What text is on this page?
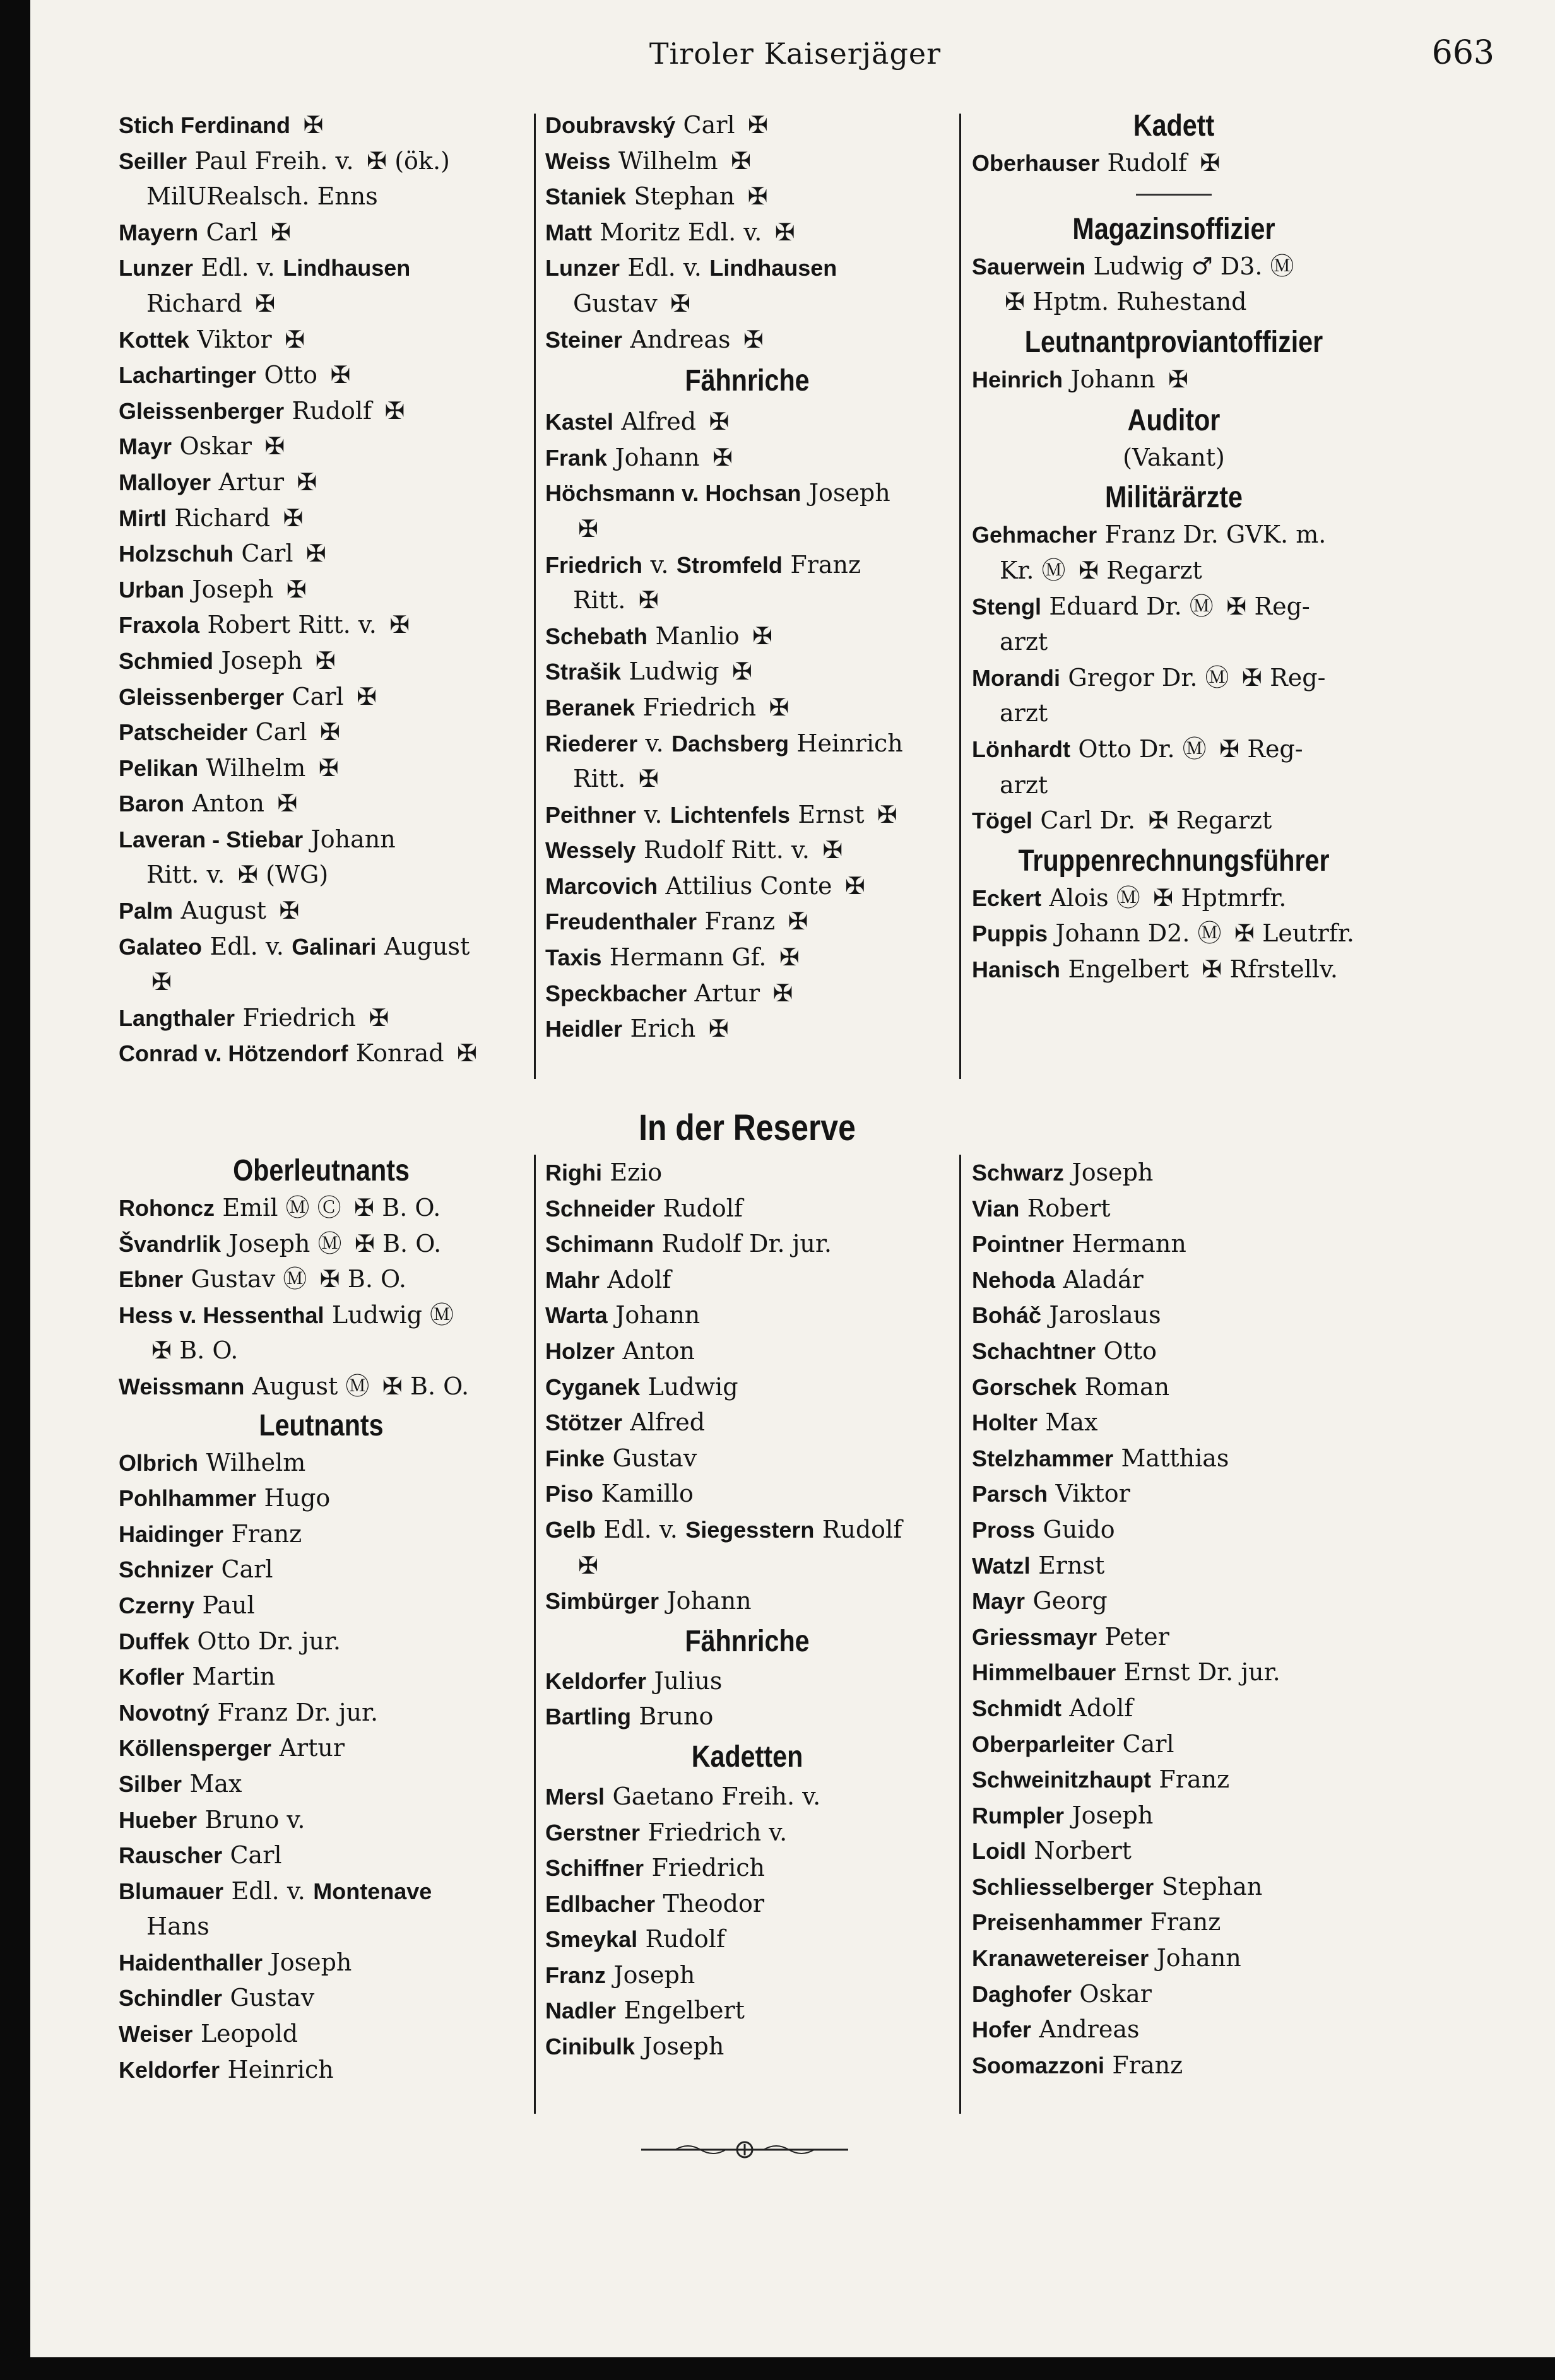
Tiroler Kaiserjäger	663
Stich Ferdinand ✠
Seiller Paul Freih. v. ✠ (ök.)
MilURealsch. Enns
Mayern Carl ✠
Lunzer Edl. v. Lindhausen
Richard ✠
Kottek Viktor ✠
Lachartinger Otto ✠
Gleissenberger Rudolf ✠
Mayr Oskar ✠
Malloyer Artur ✠
Mirtl Richard ✠
Holzschuh Carl ✠
Urban Joseph ✠
Fraxola Robert Ritt. v. ✠
Schmied Joseph ✠
Gleissenberger Carl ✠
Patscheider Carl ✠
Pelikan Wilhelm ✠
Baron Anton ✠
Laveran - Stiebar Johann
Ritt. v. ✠ (WG)
Palm August ✠
Galateo Edl. v. Galinari August
✠
Langthaler Friedrich ✠
Conrad v. Hötzendorf Konrad ✠
Oberleutnants
Rohoncz Emil Ⓜ Ⓒ ✠ B. O.
Švandrlik Joseph Ⓜ ✠ B. O.
Ebner Gustav Ⓜ ✠ B. O.
Hess v. Hessenthal Ludwig Ⓜ
✠ B. O.
Weissmann August Ⓜ ✠ B. O.
Leutnants
Olbrich Wilhelm
Pohlhammer Hugo
Haidinger Franz
Schnizer Carl
Czerny Paul
Duffek Otto Dr. jur.
Kofler Martin
Novotný Franz Dr. jur.
Köllensperger Artur
Silber Max
Hueber Bruno v.
Rauscher Carl
Blumauer Edl. v. Montenave
Hans
Haidenthaller Joseph
Schindler Gustav
Weiser Leopold
Keldorfer Heinrich
Doubravský Carl ✠
Weiss Wilhelm ✠
Staniek Stephan ✠
Matt Moritz Edl. v. ✠
Lunzer Edl. v. Lindhausen
Gustav ✠
Steiner Andreas ✠
Fähnriche
Kastel Alfred ✠
Frank Johann ✠
Höchsmann v. Hochsan Joseph
✠
Friedrich v. Stromfeld Franz
Ritt. ✠
Schebath Manlio ✠
Strašik Ludwig ✠
Beranek Friedrich ✠
Riederer v. Dachsberg Heinrich
Ritt. ✠
Peithner v. Lichtenfels Ernst ✠
Wessely Rudolf Ritt. v. ✠
Marcovich Attilius Conte ✠
Freudenthaler Franz ✠
Taxis Hermann Gf. ✠
Speckbacher Artur ✠
Heidler Erich ✠
In der Reserve
Righi Ezio
Schneider Rudolf
Schimann Rudolf Dr. jur.
Mahr Adolf
Warta Johann
Holzer Anton
Cyganek Ludwig
Stötzer Alfred
Finke Gustav
Piso Kamillo
Gelb Edl. v. Siegesstern Rudolf
✠
Simbürger Johann
Fähnriche
Keldorfer Julius
Bartling Bruno
Kadetten
Mersl Gaetano Freih. v.
Gerstner Friedrich v.
Schiffner Friedrich
Edlbacher Theodor
Smeykal Rudolf
Franz Joseph
Nadler Engelbert
Cinibulk Joseph
Kadett
Oberhauser Rudolf ✠
Magazinsoffizier
Sauerwein Ludwig ♂ D3. Ⓜ
✠ Hptm. Ruhestand
Leutnantproviantoffizier
Heinrich Johann ✠
Auditor
(Vakant)
Militärärzte
Gehmacher Franz Dr. GVK. m.
Kr. Ⓜ ✠ Regarzt
Stengl Eduard Dr. Ⓜ ✠ Reg-
arzt
Morandi Gregor Dr. Ⓜ ✠ Reg-
arzt
Lönhardt Otto Dr. Ⓜ ✠ Reg-
arzt
Tögel Carl Dr. ✠ Regarzt
Truppenrechnungsführer
Eckert Alois Ⓜ ✠ Hptmrfr.
Puppis Johann D2. Ⓜ ✠ Leutrfr.
Hanisch Engelbert ✠ Rfrstellv.
Schwarz Joseph
Vian Robert
Pointner Hermann
Nehoda Aladár
Boháč Jaroslaus
Schachtner Otto
Gorschek Roman
Holter Max
Stelzhammer Matthias
Parsch Viktor
Pross Guido
Watzl Ernst
Mayr Georg
Griessmayr Peter
Himmelbauer Ernst Dr. jur.
Schmidt Adolf
Oberparleiter Carl
Schweinitzhaupt Franz
Rumpler Joseph
Loidl Norbert
Schliesselberger Stephan
Preisenhammer Franz
Kranawetereiser Johann
Daghofer Oskar
Hofer Andreas
Soomazzoni Franz
